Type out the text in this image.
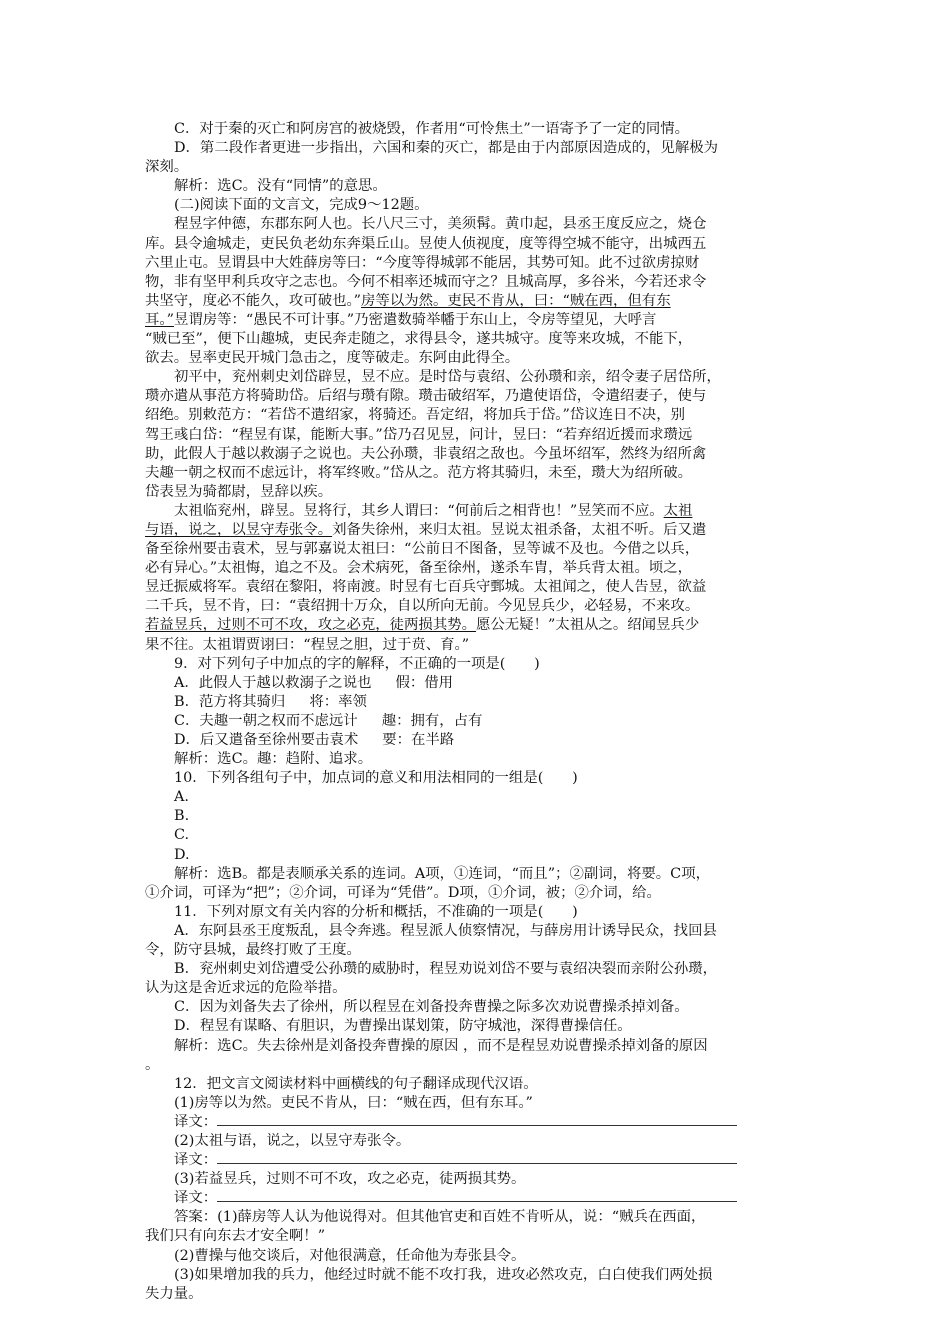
C．对于秦的灭亡和阿房宫的被烧毁，作者用“可怜焦土”一语寄予了一定的同情。
D．第二段作者更进一步指出，六国和秦的灭亡，都是由于内部原因造成的，见解极为
深刻。
解析：选C。没有“同情”的意思。
(二)阅读下面的文言文，完成9～12题。
程昱字仲德，东郡东阿人也。长八尺三寸，美须髯。黄巾起，县丞王度反应之，烧仓
库。县令逾城走，吏民负老幼东奔渠丘山。昱使人侦视度，度等得空城不能守，出城西五
六里止屯。昱谓县中大姓薛房等曰：“今度等得城郭不能居，其势可知。此不过欲虏掠财
物，非有坚甲利兵攻守之志也。今何不相率还城而守之？且城高厚，多谷米，今若还求令
共坚守，度必不能久，攻可破也。”房等以为然。吏民不肯从，曰：“贼在西，但有东
耳。”昱谓房等：“愚民不可计事。”乃密遣数骑举幡于东山上，令房等望见，大呼言
“贼已至”，便下山趣城，吏民奔走随之，求得县令，遂共城守。度等来攻城，不能下，
欲去。昱率吏民开城门急击之，度等破走。东阿由此得全。
初平中，兖州刺史刘岱辟昱，昱不应。是时岱与袁绍、公孙瓒和亲，绍令妻子居岱所，
瓒亦遣从事范方将骑助岱。后绍与瓒有隙。瓒击破绍军，乃遣使语岱，令遣绍妻子，使与
绍绝。别敕范方：“若岱不遣绍家，将骑还。吾定绍，将加兵于岱。”岱议连日不决，别
驾王彧白岱：“程昱有谋，能断大事。”岱乃召见昱，问计，昱曰：“若弃绍近援而求瓒远
助，此假人于越以救溺子之说也。夫公孙瓒，非袁绍之敌也。今虽坏绍军，然终为绍所禽
夫趣一朝之权而不虑远计，将军终败。”岱从之。范方将其骑归，未至，瓒大为绍所破。
岱表昱为骑都尉，昱辞以疾。
太祖临兖州，辟昱。昱将行，其乡人谓曰：“何前后之相背也！”昱笑而不应。太祖
与语，说之，以昱守寿张令。刘备失徐州，来归太祖。昱说太祖杀备，太祖不听。后又遣
备至徐州要击袁术，昱与郭嘉说太祖曰：“公前日不图备，昱等诚不及也。今借之以兵，
必有异心。”太祖悔，追之不及。会术病死，备至徐州，遂杀车胄，举兵背太祖。顷之，
昱迁振威将军。袁绍在黎阳，将南渡。时昱有七百兵守鄄城。太祖闻之，使人告昱，欲益
二千兵，昱不肯，曰：“袁绍拥十万众，自以所向无前。今见昱兵少，必轻易，不来攻。
若益昱兵，过则不可不攻，攻之必克，徒两损其势。愿公无疑！”太祖从之。绍闻昱兵少
果不往。太祖谓贾诩曰：“程昱之胆，过于贲、育。”
9．对下列句子中加点的字的解释，不正确的一项是(　　)
A．此假人于越以救溺子之说也 假：借用
B．范方将其骑归 将：率领
C．夫趣一朝之权而不虑远计 趣：拥有，占有
D．后又遣备至徐州要击袁术 要：在半路
解析：选C。趣：趋附、追求。
10．下列各组句子中，加点词的意义和用法相同的一组是(　　)
A.
B.
C.
D.
解析：选B。都是表顺承关系的连词。A项，①连词，“而且”；②副词，将要。C项，
①介词，可译为“把”；②介词，可译为“凭借”。D项，①介词，被；②介词，给。
11．下列对原文有关内容的分析和概括，不准确的一项是(　　)
A．东阿县丞王度叛乱，县令奔逃。程昱派人侦察情况，与薛房用计诱导民众，找回县
令，防守县城，最终打败了王度。
B．兖州刺史刘岱遭受公孙瓒的威胁时，程昱劝说刘岱不要与袁绍决裂而亲附公孙瓒，
认为这是舍近求远的危险举措。
C．因为刘备失去了徐州，所以程昱在刘备投奔曹操之际多次劝说曹操杀掉刘备。
D．程昱有谋略、有胆识，为曹操出谋划策，防守城池，深得曹操信任。
解析：选C。失去徐州是刘备投奔曹操的原因 ，而不是程昱劝说曹操杀掉刘备的原因
。
12．把文言文阅读材料中画横线的句子翻译成现代汉语。
(1)房等以为然。吏民不肯从，曰：“贼在西，但有东耳。”
译文：
(2)太祖与语，说之，以昱守寿张令。
译文：
(3)若益昱兵，过则不可不攻，攻之必克，徒两损其势。
译文：
答案：(1)薛房等人认为他说得对。但其他官吏和百姓不肯听从，说：“贼兵在西面，
我们只有向东去才安全啊！”
(2)曹操与他交谈后，对他很满意，任命他为寿张县令。
(3)如果增加我的兵力，他经过时就不能不攻打我，进攻必然攻克，白白使我们两处损
失力量。
